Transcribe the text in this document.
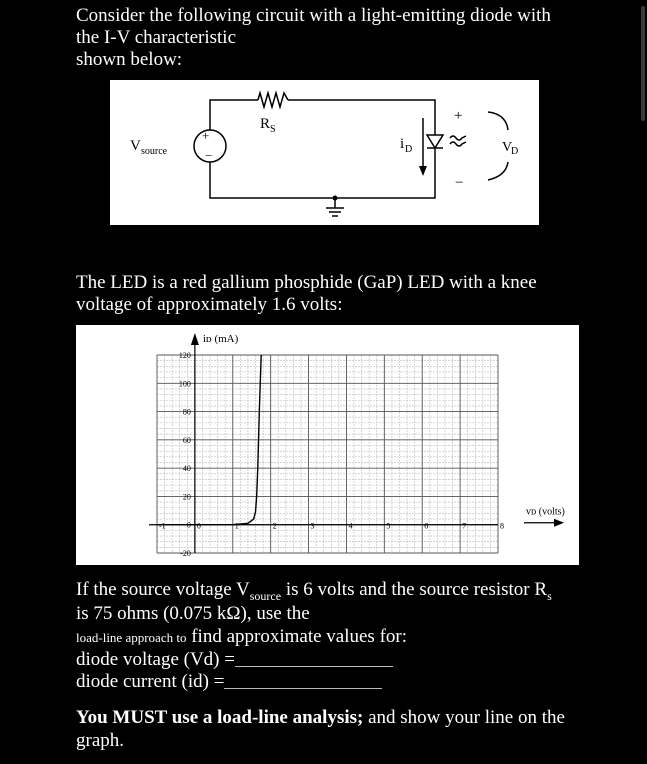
Consider the following circuit with a light-emitting diode with
the I-V characteristic
shown below:
+
−
V source
R S
i D
+
−
V
D
The LED is a red gallium phosphide (GaP) LED with a knee
voltage of approximately 1.6 volts:
120
100
80
60
40
20
0
-20
-1	0	1	2	3	4	5	6	7	8
iᴅ (mA)
vᴅ (volts)
If the source voltage $V_{source}$ is 6 volts and the source resistor $R_s$
is 75 ohms (0.075 kΩ), use the
load-line approach to find approximate values for:
diode voltage (Vd) =
diode current (id) =
You MUST use a load-line analysis; and show your line on the
graph.
